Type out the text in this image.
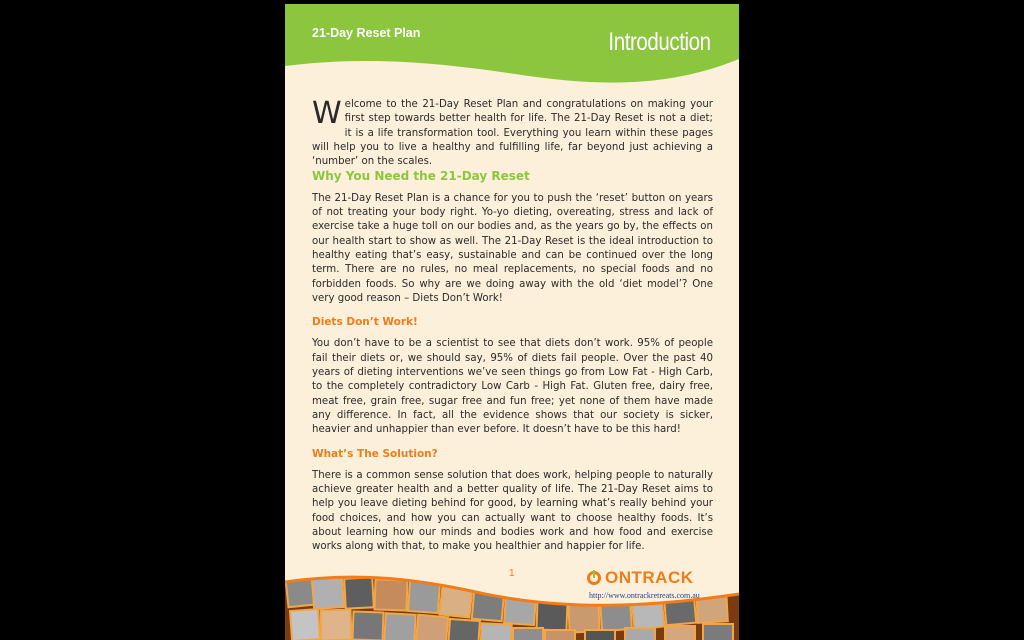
21-Day Reset Plan	Introduction

Welcome to the 21-Day Reset Plan and congratulations on making your first step towards better health for life. The 21-Day Reset is not a diet; it is a life transformation tool. Everything you learn within these pages will help you to live a healthy and fulfilling life, far beyond just achieving a ‘number’ on the scales.

Why You Need the 21-Day Reset

The 21-Day Reset Plan is a chance for you to push the ‘reset’ button on years of not treating your body right. Yo-yo dieting, overeating, stress and lack of exercise take a huge toll on our bodies and, as the years go by, the effects on our health start to show as well. The 21-Day Reset is the ideal introduction to healthy eating that’s easy, sustainable and can be continued over the long term. There are no rules, no meal replacements, no special foods and no forbidden foods. So why are we doing away with the old ‘diet model’? One very good reason – Diets Don’t Work!

Diets Don’t Work!

You don’t have to be a scientist to see that diets don’t work. 95% of people fail their diets or, we should say, 95% of diets fail people. Over the past 40 years of dieting interventions we’ve seen things go from Low Fat - High Carb, to the completely contradictory Low Carb - High Fat. Gluten free, dairy free, meat free, grain free, sugar free and fun free; yet none of them have made any difference. In fact, all the evidence shows that our society is sicker, heavier and unhappier than ever before. It doesn’t have to be this hard!

What’s The Solution?

There is a common sense solution that does work, helping people to naturally achieve greater health and a better quality of life. The 21-Day Reset aims to help you leave dieting behind for good, by learning what’s really behind your food choices, and how you can actually want to choose healthy foods. It’s about learning how our minds and bodies work and how food and exercise works along with that, to make you healthier and happier for life.

1	ONTRACK
http://www.ontrackretreats.com.au
